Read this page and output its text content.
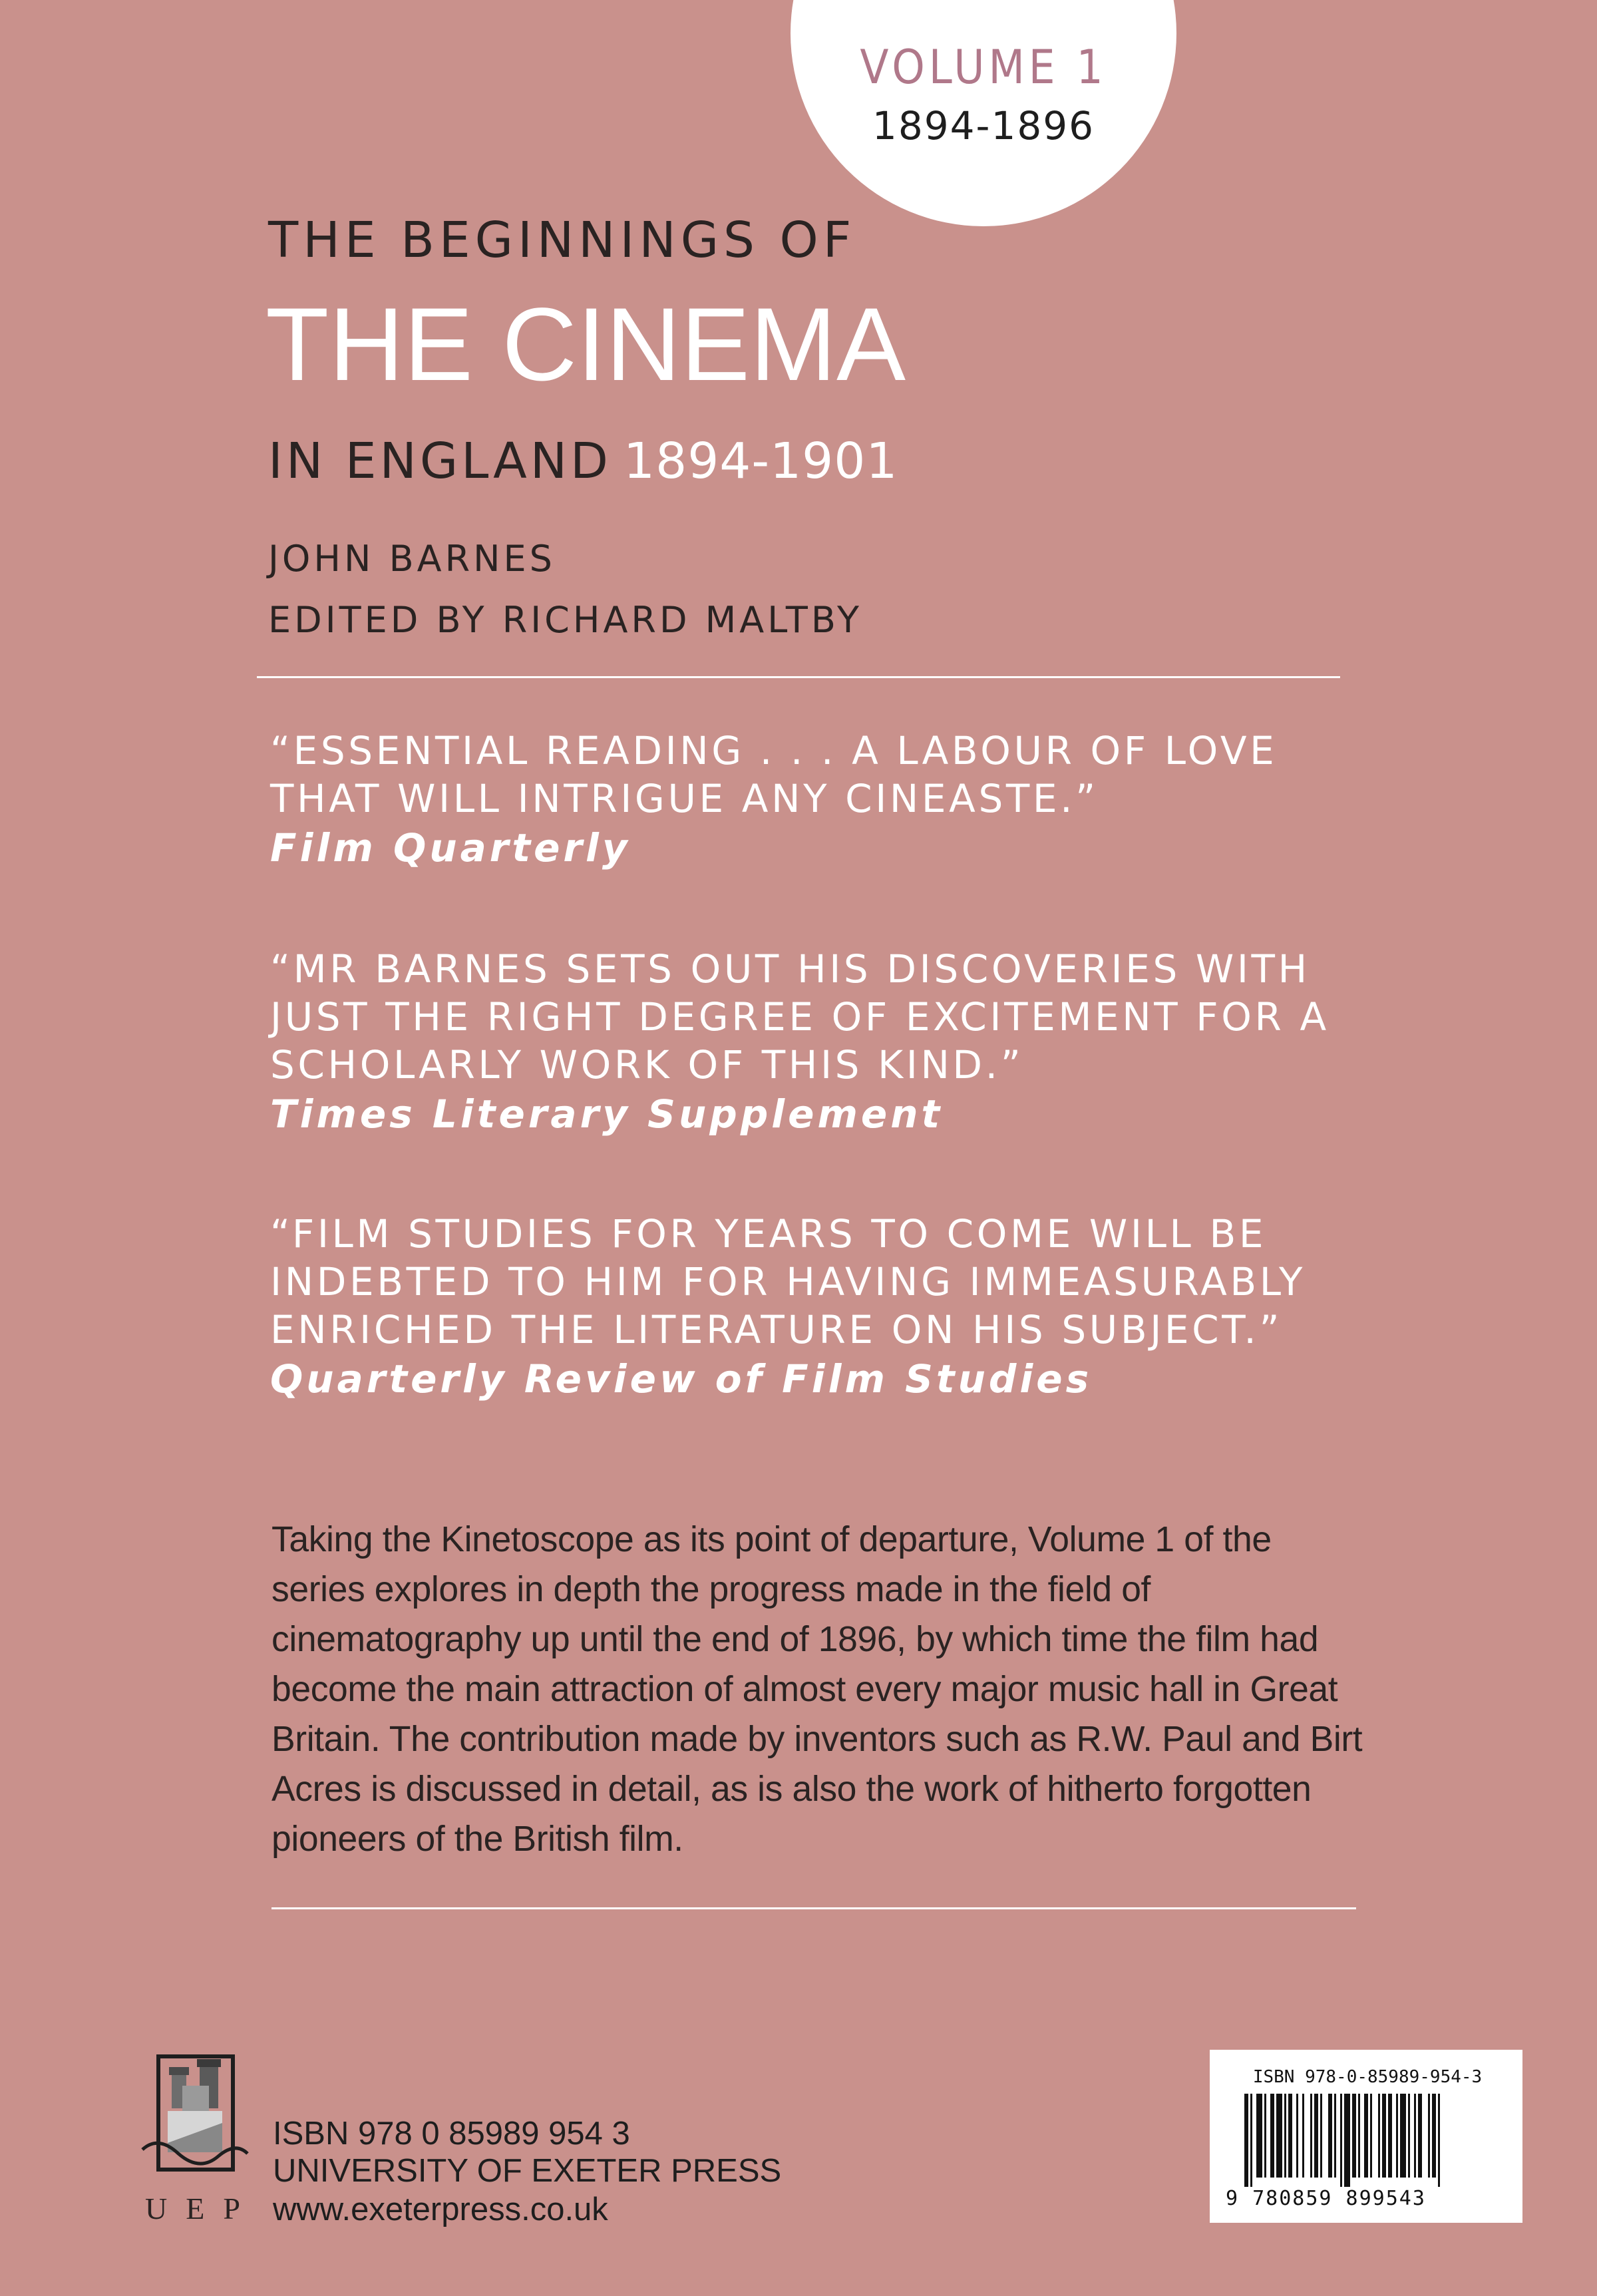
VOLUME 1
1894-1896
THE BEGINNINGS OF
THE CINEMA
IN ENGLAND 1894-1901
JOHN BARNES
EDITED BY RICHARD MALTBY
“ESSENTIAL READING . . . A LABOUR OF LOVE THAT WILL INTRIGUE ANY CINEASTE.”
Film Quarterly
“MR BARNES SETS OUT HIS DISCOVERIES WITH JUST THE RIGHT DEGREE OF EXCITEMENT FOR A SCHOLARLY WORK OF THIS KIND.”
Times Literary Supplement
“FILM STUDIES FOR YEARS TO COME WILL BE INDEBTED TO HIM FOR HAVING IMMEASURABLY ENRICHED THE LITERATURE ON HIS SUBJECT.”
Quarterly Review of Film Studies
Taking the Kinetoscope as its point of departure, Volume 1 of the series explores in depth the progress made in the field of cinematography up until the end of 1896, by which time the film had become the main attraction of almost every major music hall in Great Britain. The contribution made by inventors such as R.W. Paul and Birt Acres is discussed in detail, as is also the work of hitherto forgotten pioneers of the British film.
UEP
ISBN 978 0 85989 954 3
UNIVERSITY OF EXETER PRESS
www.exeterpress.co.uk
ISBN 978-0-85989-954-3
9 780859 899543
